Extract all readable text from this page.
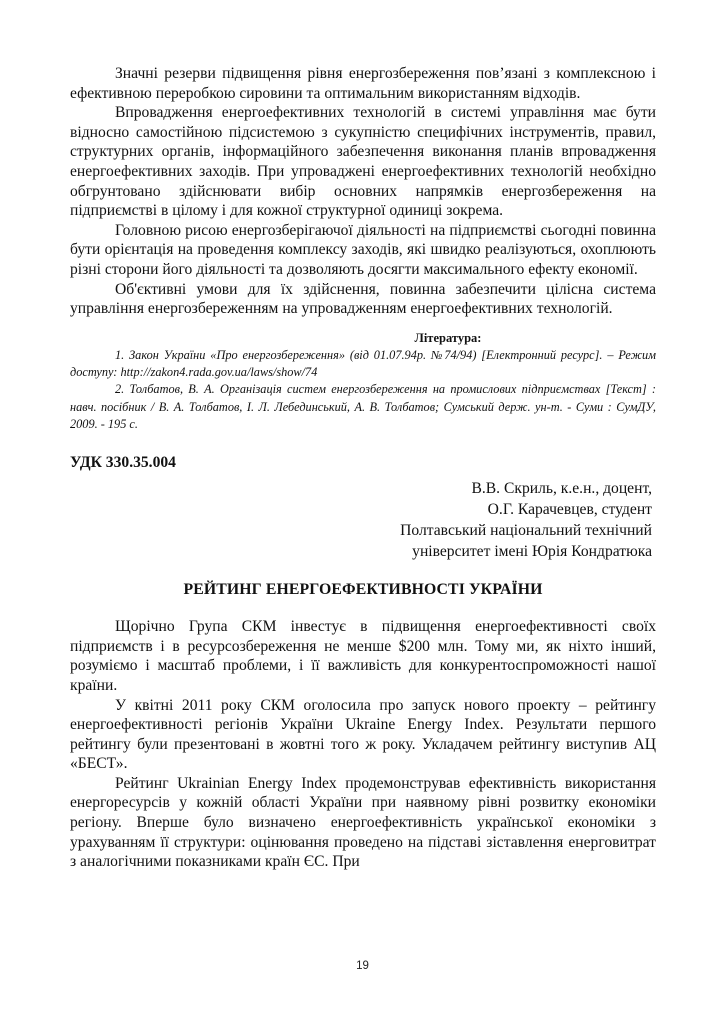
Значні резерви підвищення рівня енергозбереження пов’язані з комплексною і ефективною переробкою сировини та оптимальним використанням відходів.

Впровадження енергоефективних технологій в системі управління має бути відносно самостійною підсистемою з сукупністю специфічних інструментів, правил, структурних органів, інформаційного забезпечення виконання планів впровадження енергоефективних заходів. При упроваджені енергоефективних технологій необхідно обгрунтовано здійснювати вибір основних напрямків енергозбереження на підприємстві в цілому і для кожної структурної одиниці зокрема.

Головною рисою енергозберігаючої діяльності на підприємстві сьогодні повинна бути орієнтація на проведення комплексу заходів, які швидко реалізуються, охоплюють різні сторони його діяльності та дозволяють досягти максимального ефекту економії.

Об'єктивні умови для їх здійснення, повинна забезпечити цілісна система управління енергозбереженням на упровадженням енергоефективних технологій.

Література:

1. Закон України «Про енергозбереження» (від 01.07.94р. №74/94) [Електронний ресурс]. – Режим доступу: http://zakon4.rada.gov.ua/laws/show/74

2. Толбатов, В. А. Організація систем енергозбереження на промислових підприємствах [Текст] : навч. посібник / В. А. Толбатов, І. Л. Лебединський, А. В. Толбатов; Сумський держ. ун-т. - Суми : СумДУ, 2009. - 195 с.

УДК 330.35.004
В.В. Скриль, к.е.н., доцент,
О.Г. Карачевцев, студент
Полтавський національний технічний
університет імені Юрія Кондратюка
РЕЙТИНГ ЕНЕРГОЕФЕКТИВНОСТІ УКРАЇНИ

Щорічно Група СКМ інвестує в підвищення енергоефективності своїх підприємств і в ресурсозбереження не менше $200 млн. Тому ми, як ніхто інший, розуміємо і масштаб проблеми, і її важливість для конкурентоспроможності нашої країни.

У квітні 2011 року СКМ оголосила про запуск нового проекту – рейтингу енергоефективності регіонів України Ukraine Energy Index. Результати першого рейтингу були презентовані в жовтні того ж року. Укладачем рейтингу виступив АЦ «БЕСТ».

Рейтинг Ukrainian Energy Index продемонстрував ефективність використання енергоресурсів у кожній області України при наявному рівні розвитку економіки регіону. Вперше було визначено енергоефективність української економіки з урахуванням її структури: оцінювання проведено на підставі зіставлення енерговитрат з аналогічними показниками країн ЄС. При

19
